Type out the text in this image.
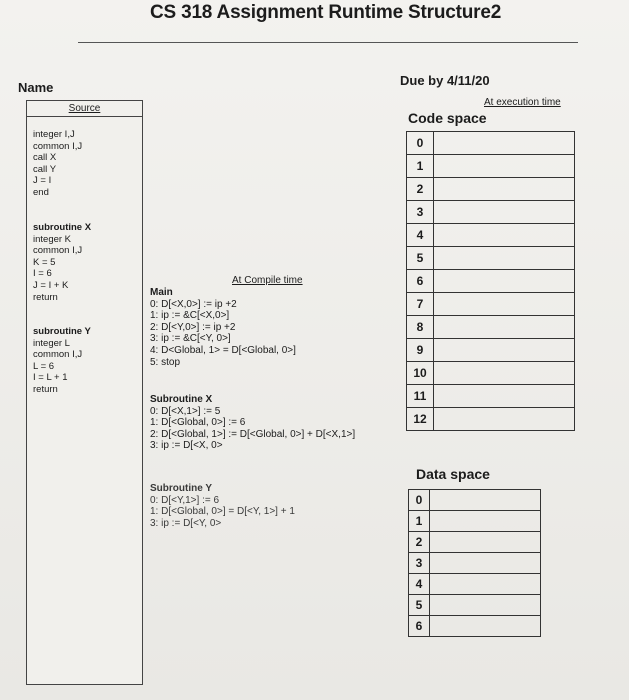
CS 318 Assignment Runtime Structure2
Name	Due by 4/11/20
At execution time
Code space
Data space
Source
integer I,J
common I,J
call X
call Y
J = I
end
subroutine X
integer K
common I,J
K = 5
I = 6
J = I + K
return
subroutine Y
integer L
common I,J
L = 6
I = L + 1
return
At Compile time
Main
0: D[<X,0>] := ip +2
1: ip := &C[<X,0>]
2: D[<Y,0>] := ip +2
3: ip := &C[<Y, 0>]
4: D<Global, 1> = D[<Global, 0>]
5: stop
Subroutine X
0: D[<X,1>] := 5
1: D[<Global, 0>] := 6
2: D[<Global, 1>] := D[<Global, 0>] + D[<X,1>]
3: ip := D[<X, 0>
Subroutine Y
0: D[<Y,1>] := 6
1: D[<Global, 0>] = D[<Y, 1>] + 1
3: ip := D[<Y, 0>
0	
1	
2	
3	
4	
5	
6	
7	
8	
9	
10	
11	
12	
0	
1	
2	
3	
4	
5	
6	
